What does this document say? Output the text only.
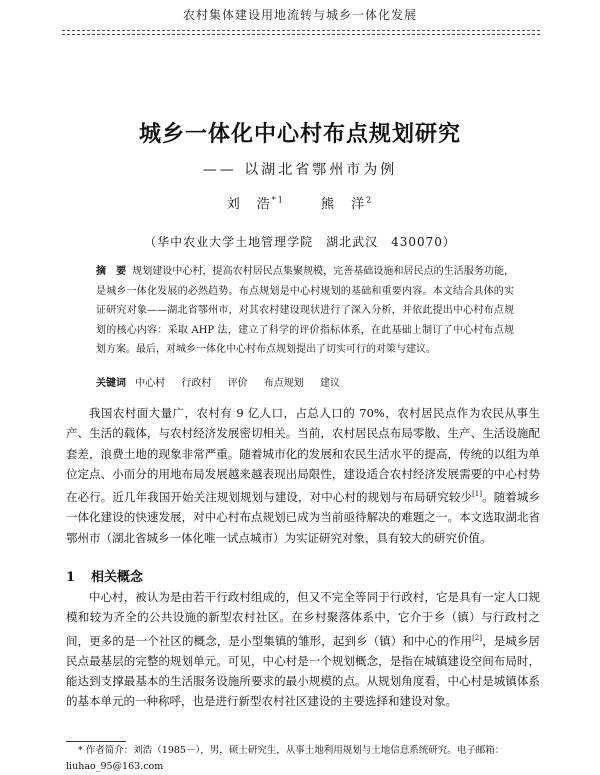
农村集体建设用地流转与城乡一体化发展
城乡一体化中心村布点规划研究
—— 以湖北省鄂州市为例
刘　浩$^{*1}$	熊　洋$^2$
（华中农业大学土地管理学院　湖北武汉　430070）
摘　要 规划建设中心村，提高农村居民点集聚规模，完善基础设施和居民点的生活服务功能，是城乡一体化发展的必然趋势。布点规划是中心村规划的基础和重要内容。本文结合具体的实证研究对象——湖北省鄂州市，对其农村建设现状进行了深入分析，并依此提出中心村布点规划的核心内容：采取 AHP 法，建立了科学的评价指标体系，在此基础上制订了中心村布点规划方案。最后，对城乡一体化中心村布点规划提出了切实可行的对策与建议。
关键词 中心村 行政村 评价 布点规划 建议
我国农村面大量广，农村有 9 亿人口，占总人口的 70%，农村居民点作为农民从事生产、生活的载体，与农村经济发展密切相关。当前，农村居民点布局零散、生产、生活设施配套差，浪费土地的现象非常严重。随着城市化的发展和农民生活水平的提高，传统的以组为单位定点、小而分的用地布局发展越来越表现出局限性，建设适合农村经济发展需要的中心村势在必行。近几年我国开始关注规划规划与建设，对中心村的规划与布局研究较少[1]。随着城乡一体化建设的快速发展，对中心村布点规划已成为当前亟待解决的难题之一。本文选取湖北省鄂州市（湖北省城乡一体化唯一试点城市）为实证研究对象，具有较大的研究价值。
1 相关概念
中心村，被认为是由若干行政村组成的，但又不完全等同于行政村，它是具有一定人口规模和较为齐全的公共设施的新型农村社区。在乡村聚落体系中，它介于乡（镇）与行政村之间，更多的是一个社区的概念，是小型集镇的雏形，起到乡（镇）和中心的作用[2]，是城乡居民点最基层的完整的规划单元。可见，中心村是一个规划概念，是指在城镇建设空间布局时，能达到支撑最基本的生活服务设施所要求的最小规模的点。从规划角度看，中心村是城镇体系的基本单元的一种称呼，也是进行新型农村社区建设的主要选择和建设对象。
* 作者简介：刘浩（1985－），男，硕士研究生，从事土地利用规划与土地信息系统研究。电子邮箱：liuhao_95@163.com
